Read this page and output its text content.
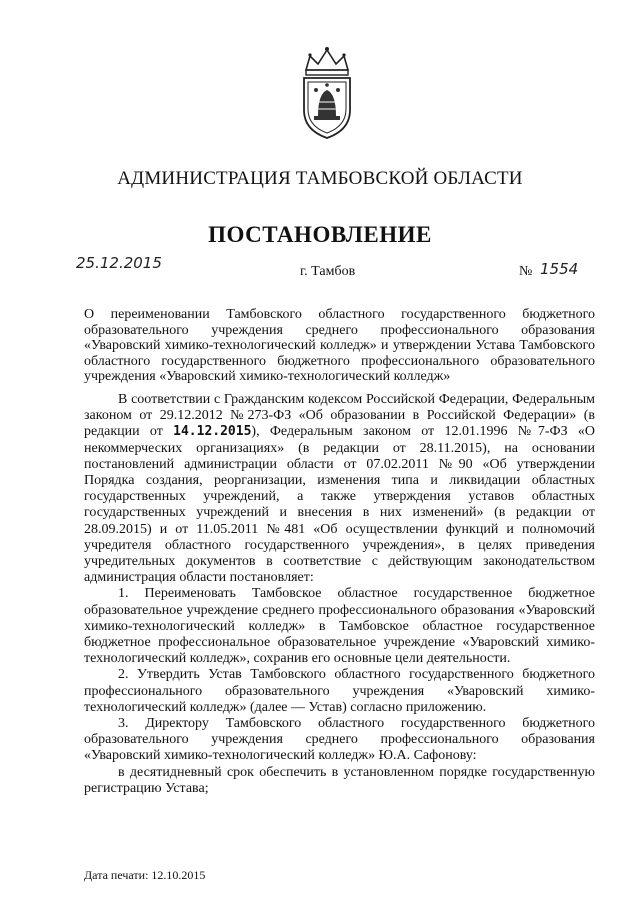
АДМИНИСТРАЦИЯ ТАМБОВСКОЙ ОБЛАСТИ
ПОСТАНОВЛЕНИЕ
25.12.2015	г. Тамбов	№ 1554
О переименовании Тамбовского областного государственного бюджетного образовательного учреждения среднего профессионального образования «Уваровский химико-технологический колледж» и утверждении Устава Тамбовского областного государственного бюджетного профессионального образовательного учреждения «Уваровский химико-технологический колледж»

В соответствии с Гражданским кодексом Российской Федерации, Федеральным законом от 29.12.2012 №273-ФЗ «Об образовании в Российской Федерации» (в редакции от 14.12.2015), Федеральным законом от 12.01.1996 №7-ФЗ «О некоммерческих организациях» (в редакции от 28.11.2015), на основании постановлений администрации области от 07.02.2011 №90 «Об утверждении Порядка создания, реорганизации, изменения типа и ликвидации областных государственных учреждений, а также утверждения уставов областных государственных учреждений и внесения в них изменений» (в редакции от 28.09.2015) и от 11.05.2011 №481 «Об осуществлении функций и полномочий учредителя областного государственного учреждения», в целях приведения учредительных документов в соответствие с действующим законодательством администрация области постановляет:

1. Переименовать Тамбовское областное государственное бюджетное образовательное учреждение среднего профессионального образования «Уваровский химико-технологический колледж» в Тамбовское областное государственное бюджетное профессиональное образовательное учреждение «Уваровский химико-технологический колледж», сохранив его основные цели деятельности.

2. Утвердить Устав Тамбовского областного государственного бюджетного профессионального образовательного учреждения «Уваровский химико-технологический колледж» (далее — Устав) согласно приложению.

3. Директору Тамбовского областного государственного бюджетного образовательного учреждения среднего профессионального образования «Уваровский химико-технологический колледж» Ю.А. Сафонову:

в десятидневный срок обеспечить в установленном порядке государственную регистрацию Устава;

Дата печати: 12.10.2015
